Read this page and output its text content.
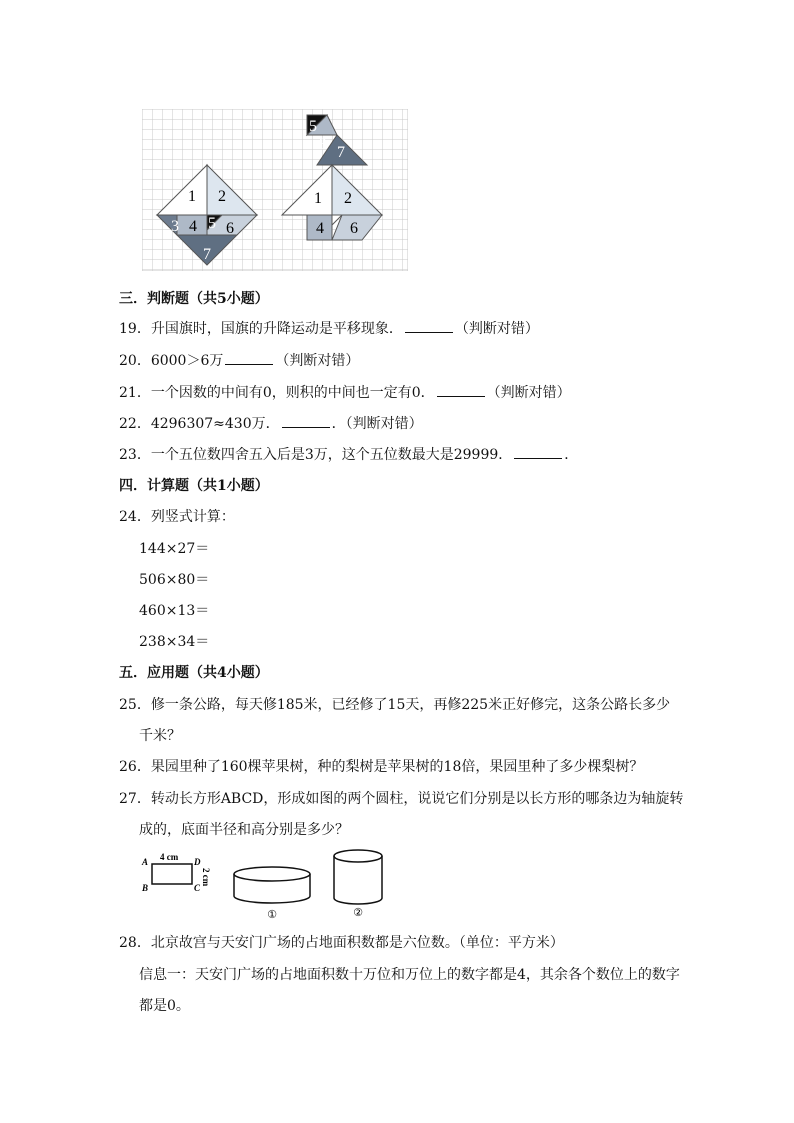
1 2
3 4 5 6
7
5
3 7
1 2
4 6
三．判断题（共5小题）
19．升国旗时，国旗的升降运动是平移现象．	（判断对错）
20．6000＞6万	（判断对错）
21．一个因数的中间有0，则积的中间也一定有0．	（判断对错）
22．4296307≈430万．	．（判断对错）
23．一个五位数四舍五入后是3万，这个五位数最大是29999．	．
四．计算题（共1小题）
24．列竖式计算：
144×27＝
506×80＝
460×13＝
238×34＝
五．应用题（共4小题）
25．修一条公路，每天修185米，已经修了15天，再修225米正好修完，这条公路长多少
千米？
26．果园里种了160棵苹果树，种的梨树是苹果树的18倍，果园里种了多少棵梨树？
27．转动长方形ABCD，形成如图的两个圆柱，说说它们分别是以长方形的哪条边为轴旋转
成的，底面半径和高分别是多少？
A
B	C
D
4 cm
2 cm
①	②
28．北京故宫与天安门广场的占地面积数都是六位数。（单位：平方米）
信息一：天安门广场的占地面积数十万位和万位上的数字都是4，其余各个数位上的数字
都是0。
